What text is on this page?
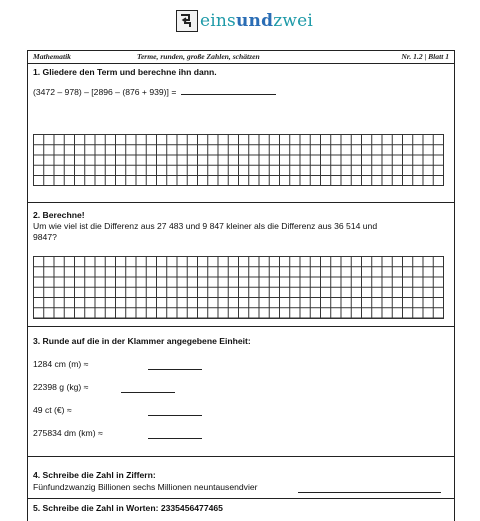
einsundzwei
Mathematik	Terme, runden, große Zahlen, schätzen	Nr. 1.2 | Blatt 1
1. Gliedere den Term und berechne ihn dann.
(3472 – 978) – [2896 – (876 + 939)] =
2. Berechne!
Um wie viel ist die Differenz aus 27 483 und 9 847 kleiner als die Differenz aus 36 514 und
9847?
3. Runde auf die in der Klammer angegebene Einheit:
1284 cm (m) ≈
22398 g (kg) ≈
49 ct (€) ≈
275834 dm (km) ≈
4. Schreibe die Zahl in Ziffern:
Fünfundzwanzig Billionen sechs Millionen neuntausendvier
5. Schreibe die Zahl in Worten: 2335456477465
